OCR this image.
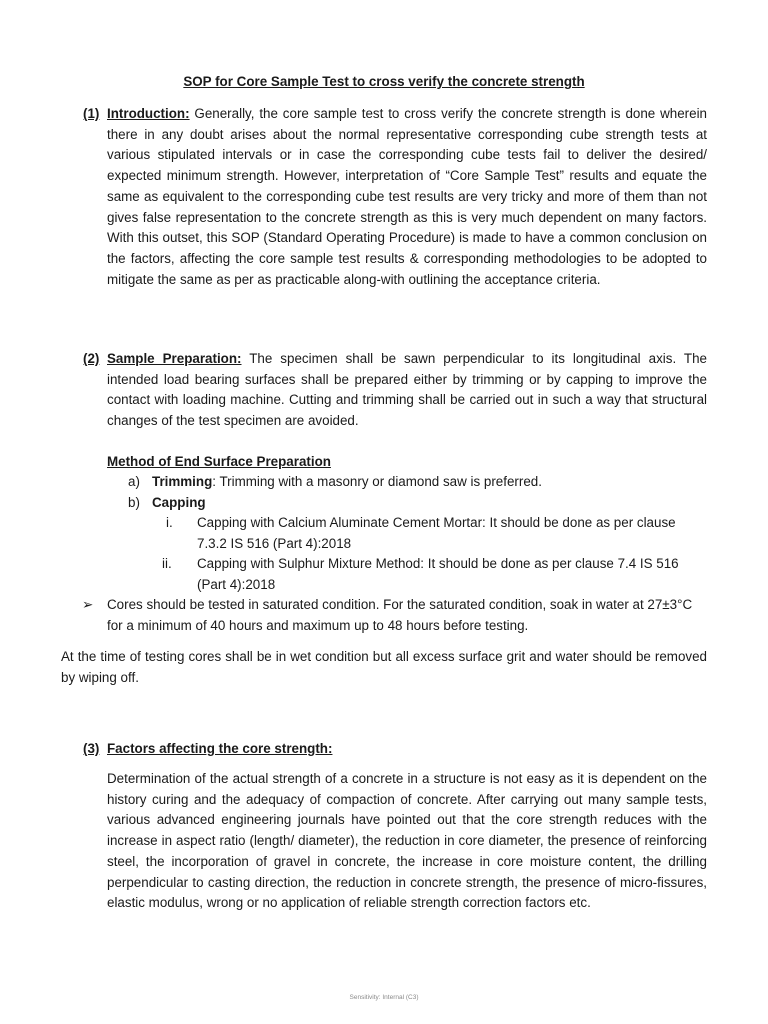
SOP for Core Sample Test to cross verify the concrete strength
(1) Introduction: Generally, the core sample test to cross verify the concrete strength is done wherein there in any doubt arises about the normal representative corresponding cube strength tests at various stipulated intervals or in case the corresponding cube tests fail to deliver the desired/ expected minimum strength. However, interpretation of “Core Sample Test” results and equate the same as equivalent to the corresponding cube test results are very tricky and more of them than not gives false representation to the concrete strength as this is very much dependent on many factors. With this outset, this SOP (Standard Operating Procedure) is made to have a common conclusion on the factors, affecting the core sample test results & corresponding methodologies to be adopted to mitigate the same as per as practicable along-with outlining the acceptance criteria.
(2) Sample Preparation: The specimen shall be sawn perpendicular to its longitudinal axis. The intended load bearing surfaces shall be prepared either by trimming or by capping to improve the contact with loading machine. Cutting and trimming shall be carried out in such a way that structural changes of the test specimen are avoided.
Method of End Surface Preparation
a) Trimming: Trimming with a masonry or diamond saw is preferred.
b) Capping
i. Capping with Calcium Aluminate Cement Mortar: It should be done as per clause 7.3.2 IS 516 (Part 4):2018
ii. Capping with Sulphur Mixture Method: It should be done as per clause 7.4 IS 516 (Part 4):2018
➢ Cores should be tested in saturated condition. For the saturated condition, soak in water at 27±3°C for a minimum of 40 hours and maximum up to 48 hours before testing.
At the time of testing cores shall be in wet condition but all excess surface grit and water should be removed by wiping off.
(3) Factors affecting the core strength:
Determination of the actual strength of a concrete in a structure is not easy as it is dependent on the history curing and the adequacy of compaction of concrete. After carrying out many sample tests, various advanced engineering journals have pointed out that the core strength reduces with the increase in aspect ratio (length/ diameter), the reduction in core diameter, the presence of reinforcing steel, the incorporation of gravel in concrete, the increase in core moisture content, the drilling perpendicular to casting direction, the reduction in concrete strength, the presence of micro-fissures, elastic modulus, wrong or no application of reliable strength correction factors etc.
Sensitivity: Internal (C3)
